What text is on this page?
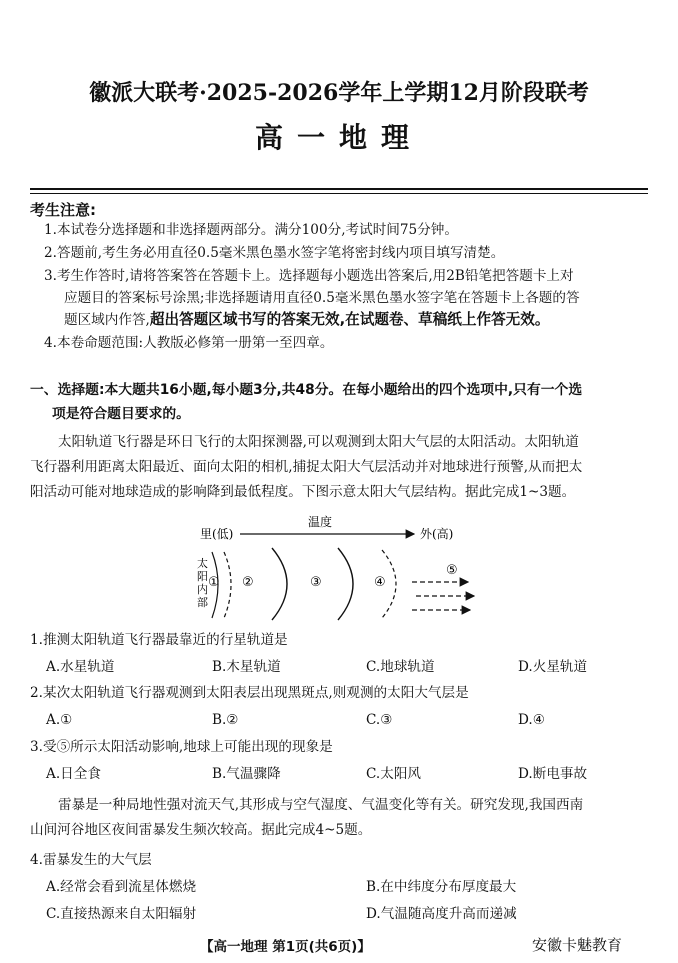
徽派大联考·2025-2026学年上学期12月阶段联考
高一地理
考生注意:
1.本试卷分选择题和非选择题两部分。满分100分,考试时间75分钟。
2.答题前,考生务必用直径0.5毫米黑色墨水签字笔将密封线内项目填写清楚。
3.考生作答时,请将答案答在答题卡上。选择题每小题选出答案后,用2B铅笔把答题卡上对
应题目的答案标号涂黑;非选择题请用直径0.5毫米黑色墨水签字笔在答题卡上各题的答
题区域内作答,超出答题区域书写的答案无效,在试题卷、草稿纸上作答无效。
4.本卷命题范围:人教版必修第一册第一至四章。
一、选择题:本大题共16小题,每小题3分,共48分。在每小题给出的四个选项中,只有一个选
项是符合题目要求的。
太阳轨道飞行器是环日飞行的太阳探测器,可以观测到太阳大气层的太阳活动。太阳轨道
飞行器利用距离太阳最近、面向太阳的相机,捕捉太阳大气层活动并对地球进行预警,从而把太
阳活动可能对地球造成的影响降到最低程度。下图示意太阳大气层结构。据此完成1~3题。
里(低)
温度
外(高)
太
阳
内
部
① ②	③	④
⑤
1.推测太阳轨道飞行器最靠近的行星轨道是
A.水星轨道	B.木星轨道	C.地球轨道	D.火星轨道
2.某次太阳轨道飞行器观测到太阳表层出现黑斑点,则观测的太阳大气层是
A.①	B.②	C.③	D.④
3.受⑤所示太阳活动影响,地球上可能出现的现象是
A.日全食	B.气温骤降	C.太阳风	D.断电事故
雷暴是一种局地性强对流天气,其形成与空气湿度、气温变化等有关。研究发现,我国西南
山间河谷地区夜间雷暴发生频次较高。据此完成4~5题。
4.雷暴发生的大气层
A.经常会看到流星体燃烧	B.在中纬度分布厚度最大
C.直接热源来自太阳辐射	D.气温随高度升高而递减
【高一地理 第1页(共6页)】	安徽卡魅教育
